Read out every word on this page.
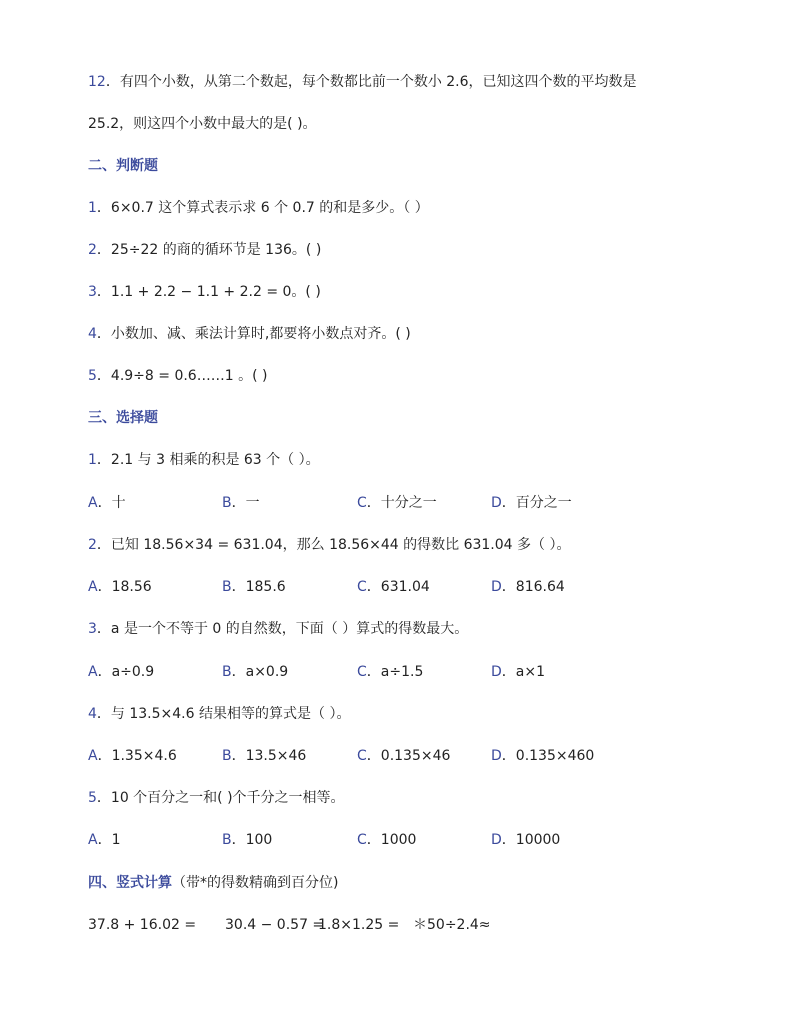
12．有四个小数，从第二个数起，每个数都比前一个数小 2.6，已知这四个数的平均数是
25.2，则这四个小数中最大的是( )。
二、判断题
1．6×0.7 这个算式表示求 6 个 0.7 的和是多少。（ ）
2．25÷22 的商的循环节是 136。( )
3．1.1 + 2.2 − 1.1 + 2.2 = 0。( )
4．小数加、减、乘法计算时,都要将小数点对齐。( )
5．4.9÷8 = 0.6……1 。( )
三、选择题
1．2.1 与 3 相乘的积是 63 个（ ）。
A．十	B．一	C．十分之一	D．百分之一
2．已知 18.56×34 = 631.04，那么 18.56×44 的得数比 631.04 多（ ）。
A．18.56	B．185.6	C．631.04	D．816.64
3．a 是一个不等于 0 的自然数，下面（ ）算式的得数最大。
A．a÷0.9	B．a×0.9	C．a÷1.5	D．a×1
4．与 13.5×4.6 结果相等的算式是（ ）。
A．1.35×4.6	B．13.5×46	C．0.135×46	D．0.135×460
5．10 个百分之一和( )个千分之一相等。
A．1	B．100	C．1000	D．10000
四、竖式计算（带*的得数精确到百分位)
37.8 + 16.02 = 30.4 − 0.57 =
1.8×1.25 = ＊50÷2.4≈
